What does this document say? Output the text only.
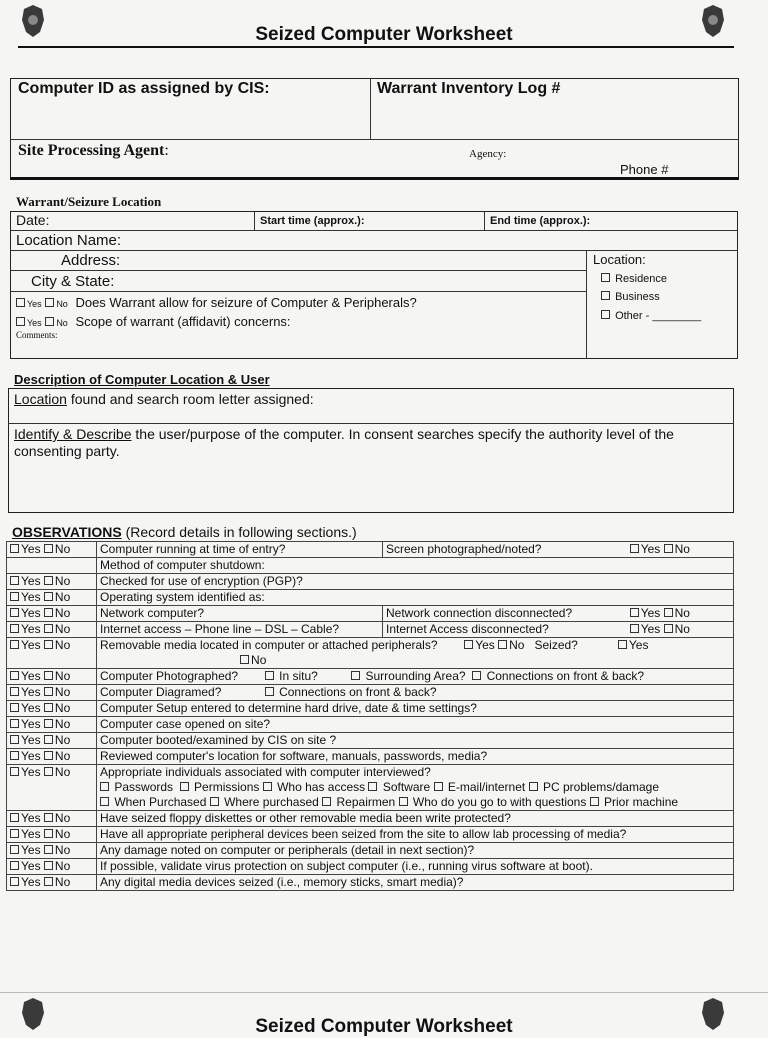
Seized Computer Worksheet
Computer ID as assigned by CIS:	Warrant Inventory Log #
Site Processing Agent:	Agency:
Phone #
Warrant/Seizure Location
Date:	Start time (approx.):	End time (approx.):
Location Name:
Address:
City & State:
Location:
Residence
Business
Other - ________
Yes No Does Warrant allow for seizure of Computer & Peripherals?
Yes No Scope of warrant (affidavit) concerns:
Comments:
Description of Computer Location & User
Location found and search room letter assigned:
Identify & Describe the user/purpose of the computer. In consent searches specify the authority level of the consenting party.
OBSERVATIONS (Record details in following sections.)
Yes No	Computer running at time of entry?	Screen photographed/noted? Yes No

	Method of computer shutdown:	
Yes No	Checked for use of encryption (PGP)?	
Yes No	Operating system identified as:	
Yes No	Network computer?	Network connection disconnected? Yes No

Yes No	Internet access – Phone line – DSL – Cable?	Internet Access disconnected? Yes No

Yes No	Removable media located in computer or attached peripherals? Yes No Seized? Yes
No	
Yes No	Computer Photographed? In situ? Surrounding Area? Connections on front & back?	
Yes No	Computer Diagramed? Connections on front & back?	
Yes No	Computer Setup entered to determine hard drive, date & time settings?	
Yes No	Computer case opened on site?	
Yes No	Computer booted/examined by CIS on site ?	
Yes No	Reviewed computer's location for software, manuals, passwords, media?	
Yes No	Appropriate individuals associated with computer interviewed?
Passwords Permissions Who has access Software E-mail/internet PC problems/damage
When Purchased Where purchased Repairmen Who do you go to with questions Prior machine	
Yes No	Have seized floppy diskettes or other removable media been write protected?	
Yes No	Have all appropriate peripheral devices been seized from the site to allow lab processing of media?	
Yes No	Any damage noted on computer or peripherals (detail in next section)?	
Yes No	If possible, validate virus protection on subject computer (i.e., running virus software at boot).	
Yes No	Any digital media devices seized (i.e., memory sticks, smart media)?	
Seized Computer Worksheet
